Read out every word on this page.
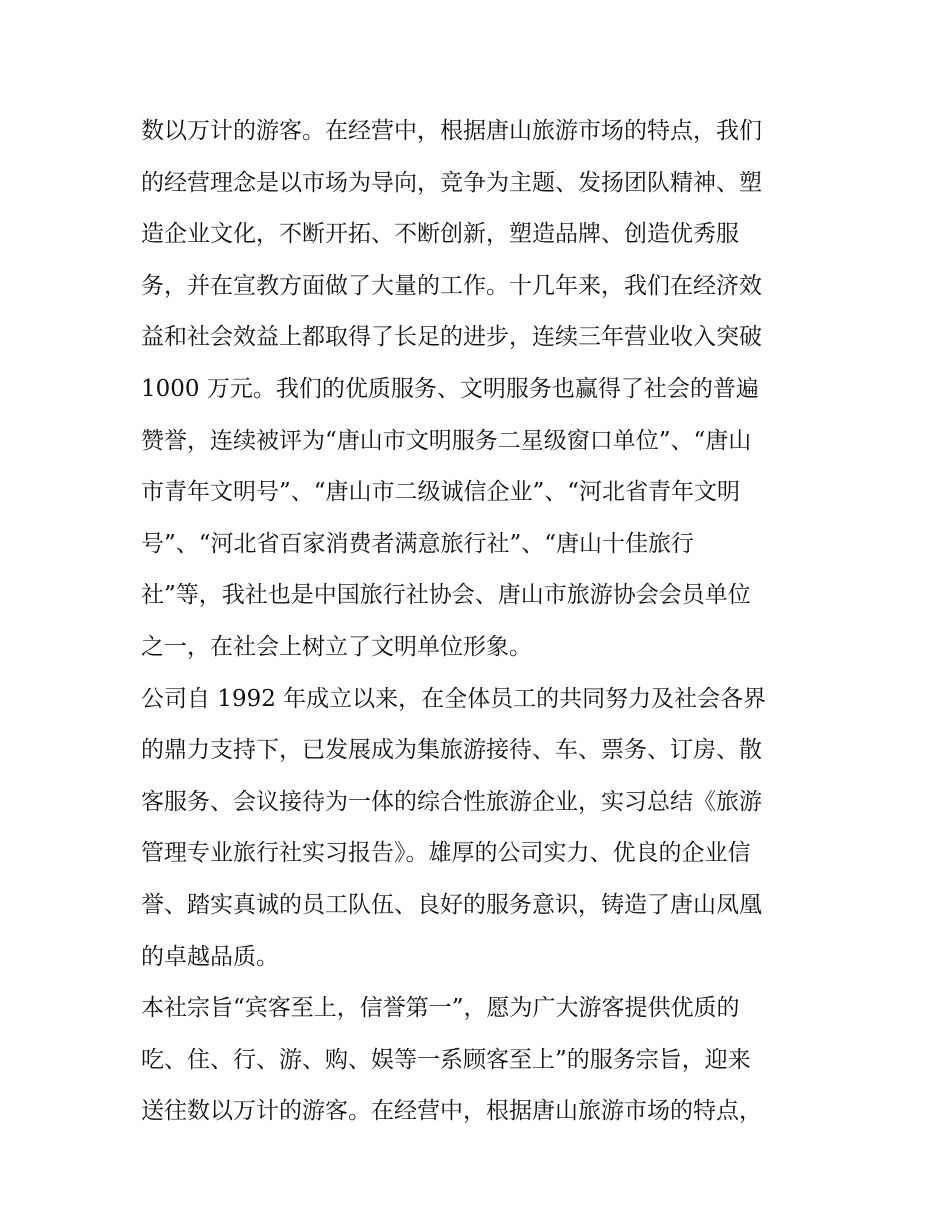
数以万计的游客。在经营中，根据唐山旅游市场的特点，我们
的经营理念是以市场为导向，竞争为主题、发扬团队精神、塑
造企业文化，不断开拓、不断创新，塑造品牌、创造优秀服
务，并在宣教方面做了大量的工作。十几年来，我们在经济效
益和社会效益上都取得了长足的进步，连续三年营业收入突破
1000 万元。我们的优质服务、文明服务也赢得了社会的普遍
赞誉，连续被评为“唐山市文明服务二星级窗口单位”、“唐山
市青年文明号”、“唐山市二级诚信企业”、“河北省青年文明
号”、“河北省百家消费者满意旅行社”、“唐山十佳旅行
社”等，我社也是中国旅行社协会、唐山市旅游协会会员单位
之一，在社会上树立了文明单位形象。
公司自 1992 年成立以来，在全体员工的共同努力及社会各界
的鼎力支持下，已发展成为集旅游接待、车、票务、订房、散
客服务、会议接待为一体的综合性旅游企业，实习总结《旅游
管理专业旅行社实习报告》。雄厚的公司实力、优良的企业信
誉、踏实真诚的员工队伍、良好的服务意识，铸造了唐山凤凰
的卓越品质。
本社宗旨“宾客至上，信誉第一”，愿为广大游客提供优质的
吃、住、行、游、购、娱等一系顾客至上”的服务宗旨，迎来
送往数以万计的游客。在经营中，根据唐山旅游市场的特点，
